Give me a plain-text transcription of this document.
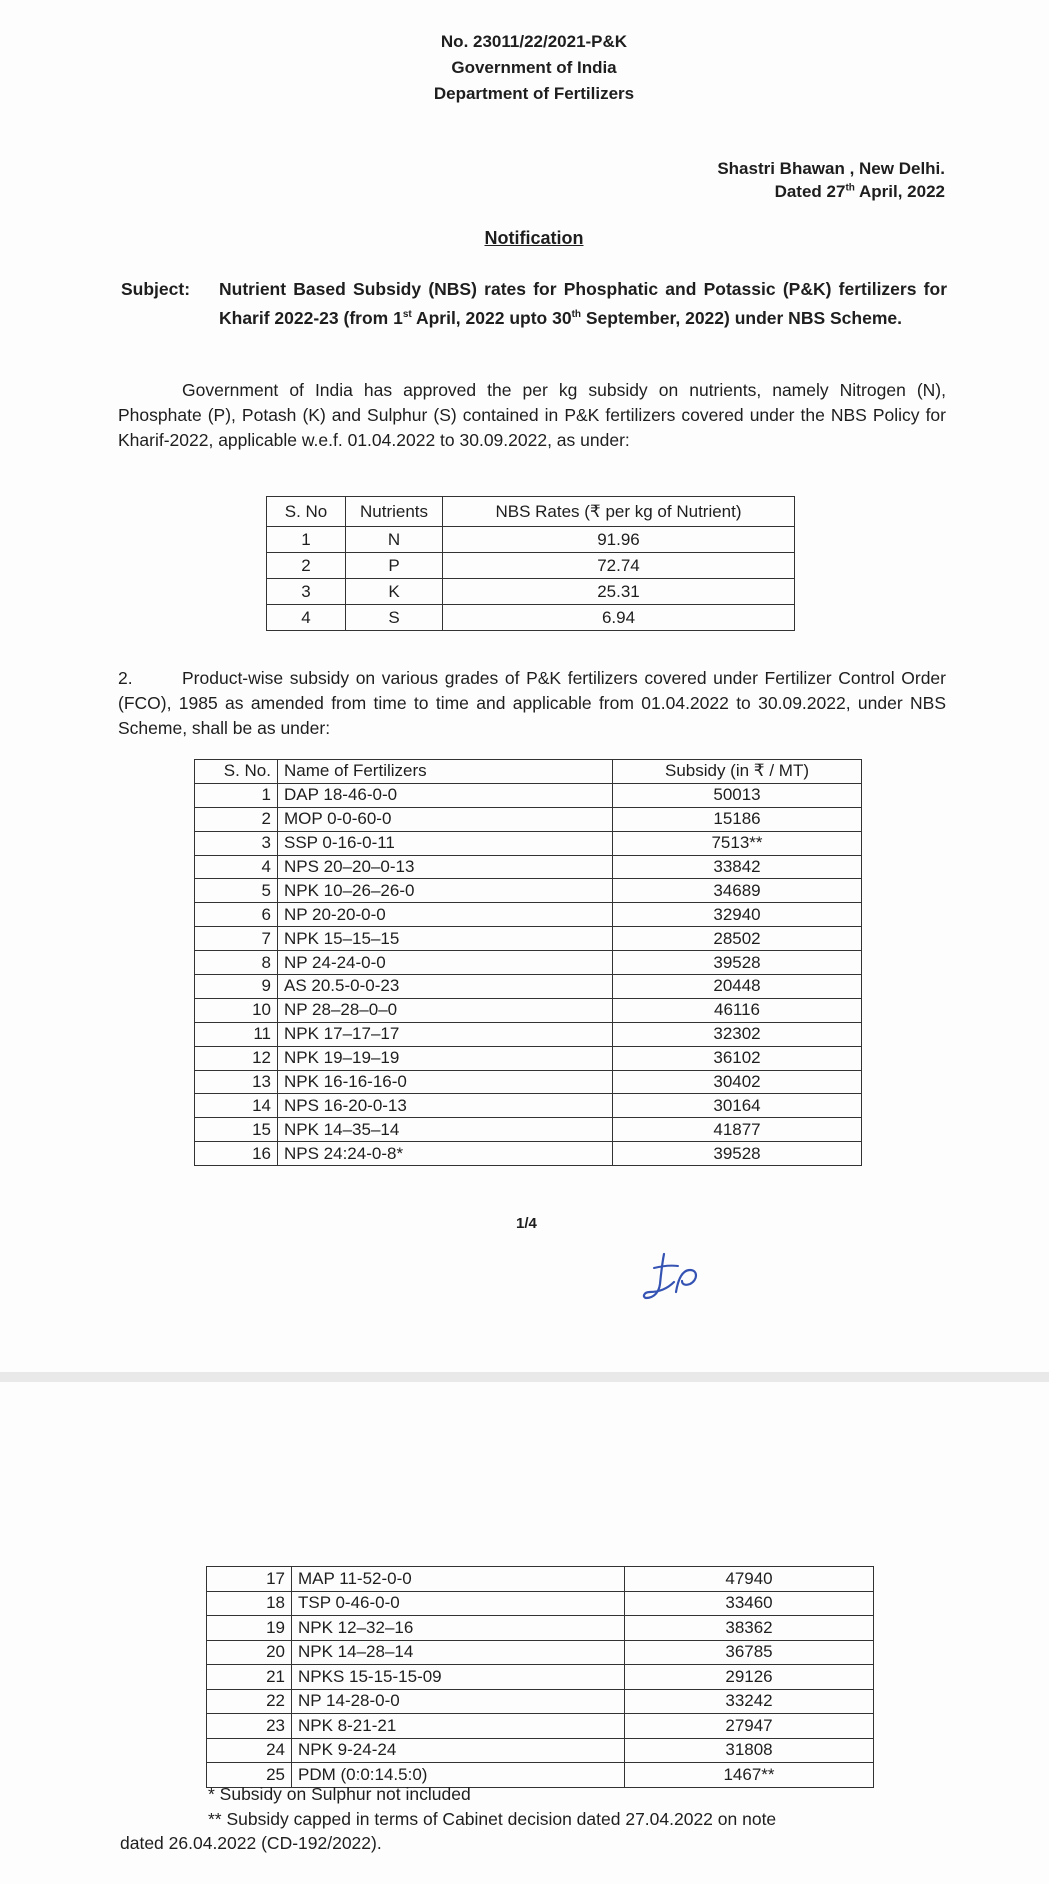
No. 23011/22/2021-P&K
Government of India
Department of Fertilizers
Shastri Bhawan , New Delhi.
Dated 27th April, 2022
Notification
Subject: Nutrient Based Subsidy (NBS) rates for Phosphatic and Potassic (P&K) fertilizers for Kharif 2022-23 (from 1st April, 2022 upto 30th September, 2022) under NBS Scheme.
Government of India has approved the per kg subsidy on nutrients, namely Nitrogen (N), Phosphate (P), Potash (K) and Sulphur (S) contained in P&K fertilizers covered under the NBS Policy for Kharif-2022, applicable w.e.f. 01.04.2022 to 30.09.2022, as under:
S. No	Nutrients	NBS Rates (₹ per kg of Nutrient)
1	N	91.96
2	P	72.74
3	K	25.31
4	S	6.94
2.	Product-wise subsidy on various grades of P&K fertilizers covered under Fertilizer Control Order (FCO), 1985 as amended from time to time and applicable from 01.04.2022 to 30.09.2022, under NBS Scheme, shall be as under:
S. No.	Name of Fertilizers	Subsidy (in ₹ / MT)
1	DAP 18-46-0-0	50013
2	MOP 0-0-60-0	15186
3	SSP 0-16-0-11	7513**
4	NPS 20–20–0-13	33842
5	NPK 10–26–26-0	34689
6	NP 20-20-0-0	32940
7	NPK 15–15–15	28502
8	NP 24-24-0-0	39528
9	AS 20.5-0-0-23	20448
10	NP 28–28–0–0	46116
11	NPK 17–17–17	32302
12	NPK 19–19–19	36102
13	NPK 16-16-16-0	30402
14	NPS 16-20-0-13	30164
15	NPK 14–35–14	41877
16	NPS 24:24-0-8*	39528
1/4
17	MAP 11-52-0-0	47940
18	TSP 0-46-0-0	33460
19	NPK 12–32–16	38362
20	NPK 14–28–14	36785
21	NPKS 15-15-15-09	29126
22	NP 14-28-0-0	33242
23	NPK 8-21-21	27947
24	NPK 9-24-24	31808
25	PDM (0:0:14.5:0)	1467**
* Subsidy on Sulphur not included
** Subsidy capped in terms of Cabinet decision dated 27.04.2022 on note
dated 26.04.2022 (CD-192/2022).
